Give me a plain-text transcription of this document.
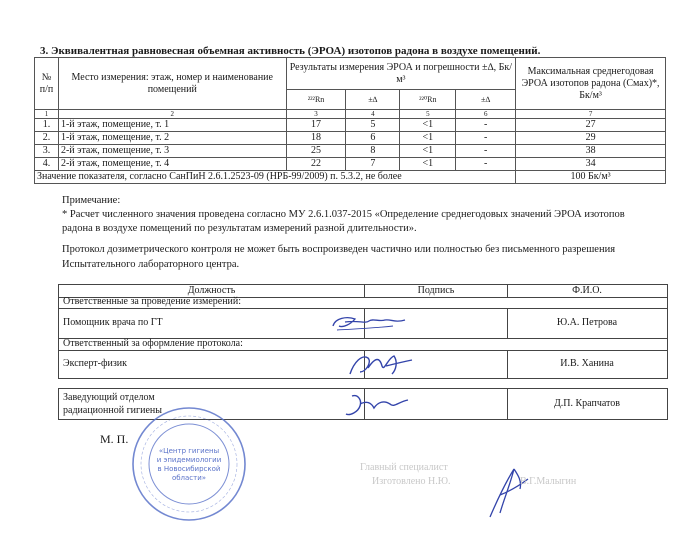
3. Эквивалентная равновесная объемная активность (ЭРОА) изотопов радона в воздухе помещений.
№ п/п	Место измерения: этаж, номер и наименование помещений	Результаты измерения ЭРОА и погрешности ±∆, Бк/м³				Максимальная среднегодовая ЭРОА изотопов радона (Смах)*, Бк/м³
		²²²Rn	±∆	²²⁰Rn	±∆	
1	2	3	4	5	6	7
1.	1-й этаж, помещение, т. 1	17	5	<1	-	27
2.	1-й этаж, помещение, т. 2	18	6	<1	-	29
3.	2-й этаж, помещение, т. 3	25	8	<1	-	38
4.	2-й этаж, помещение, т. 4	22	7	<1	-	34
Значение показателя, согласно СанПиН 2.6.1.2523-09 (НРБ-99/2009) п. 5.3.2, не более						100 Бк/м³
Примечание:
* Расчет численного значения проведена согласно МУ 2.6.1.037-2015 «Определение среднегодовых значений ЭРОА изотопов
радона в воздухе помещений по результатам измерений разной длительности».
Протокол дозиметрического контроля не может быть воспроизведен частично или полностью без письменного разрешения
Испытательного лабораторного центра.
Должность	Подпись	Ф.И.О.
Ответственные за проведение измерений:
Помощник врача по ГТ	Ю.А. Петрова
Ответственный за оформление протокола:
Эксперт-физик	И.В. Ханина
Заведующий отделом
радиационной гигиены
Д.П. Крапчатов
М. П.
Главный специалист
Изготовлено Н.Ю.	В.Г.Малыгин
«Центр гигиены
и эпидемиологии
в Новосибирской
области»
